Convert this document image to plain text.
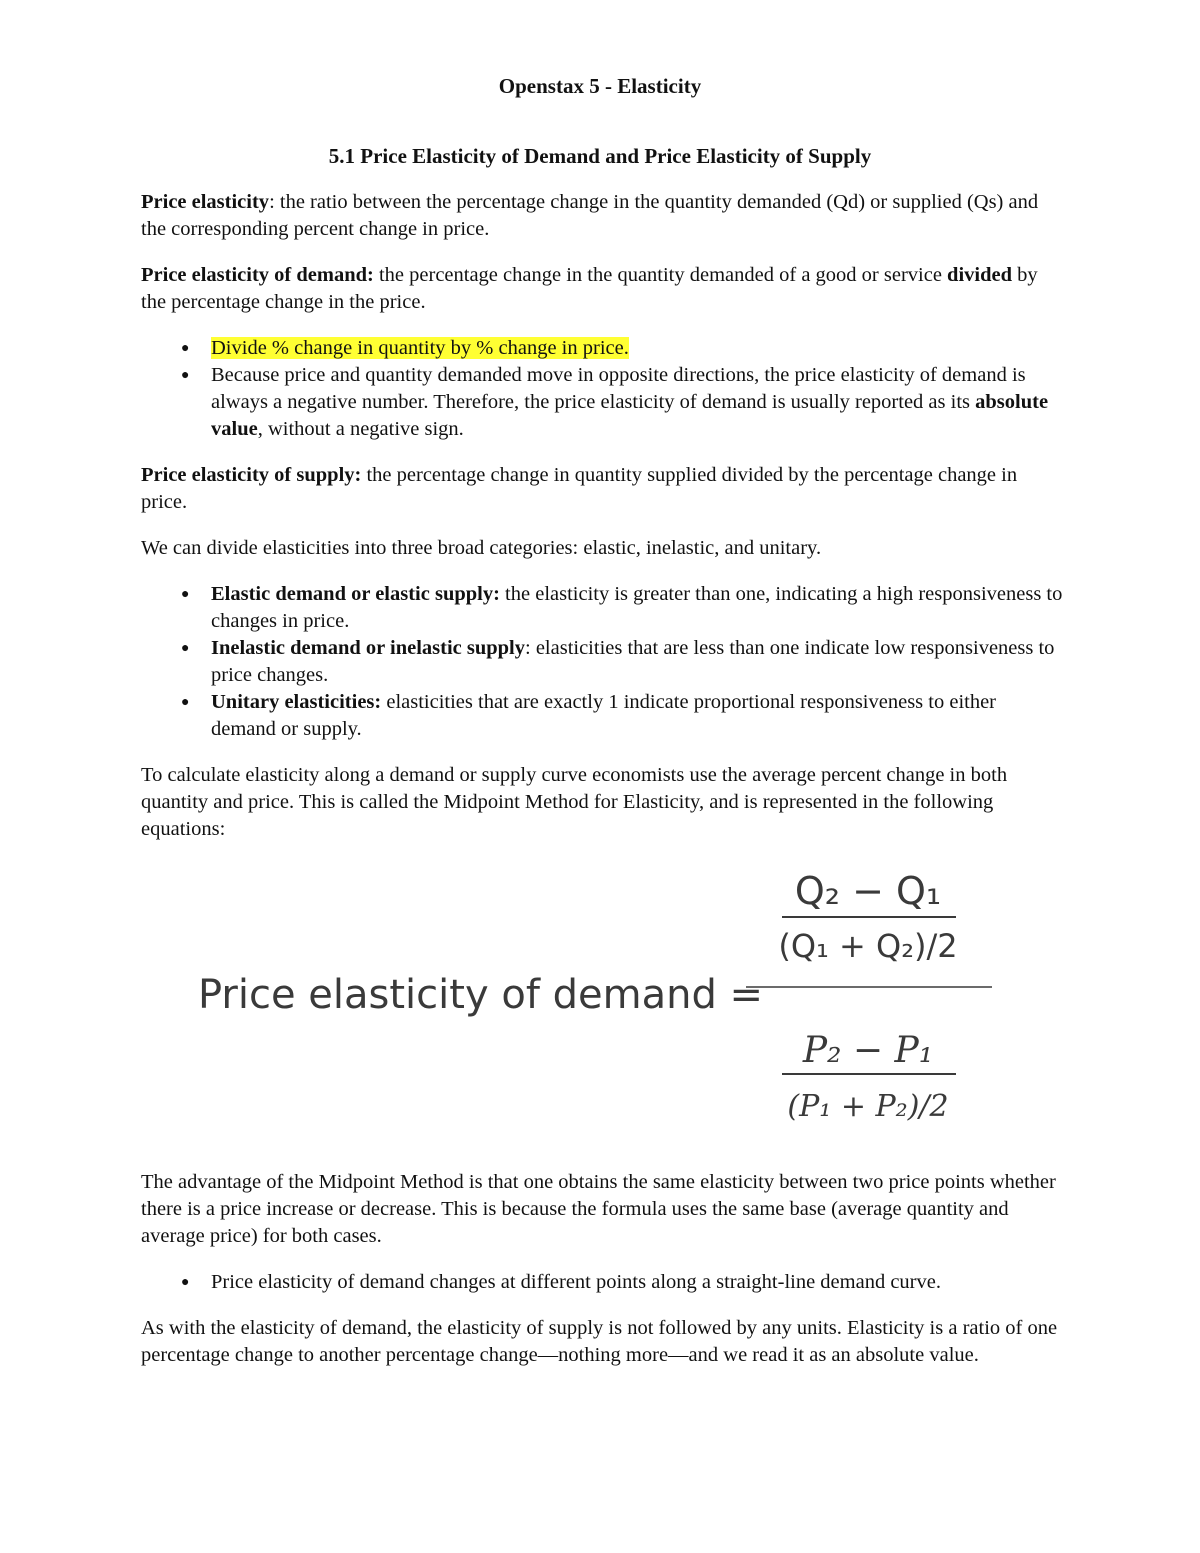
Openstax 5 - Elasticity
5.1 Price Elasticity of Demand and Price Elasticity of Supply

Price elasticity: the ratio between the percentage change in the quantity demanded (Qd) or supplied (Qs) and the corresponding percent change in price.

Price elasticity of demand: the percentage change in the quantity demanded of a good or service divided by the percentage change in the price.

●	Divide % change in quantity by % change in price.
●	Because price and quantity demanded move in opposite directions, the price elasticity of demand is always a negative number. Therefore, the price elasticity of demand is usually reported as its absolute value, without a negative sign.

Price elasticity of supply: the percentage change in quantity supplied divided by the percentage change in price.

We can divide elasticities into three broad categories: elastic, inelastic, and unitary.

●	Elastic demand or elastic supply: the elasticity is greater than one, indicating a high responsiveness to changes in price.
●	Inelastic demand or inelastic supply: elasticities that are less than one indicate low responsiveness to price changes.
●	Unitary elasticities: elasticities that are exactly 1 indicate proportional responsiveness to either demand or supply.

To calculate elasticity along a demand or supply curve economists use the average percent change in both quantity and price. This is called the Midpoint Method for Elasticity, and is represented in the following equations:

Price elasticity of demand =
Q₂ − Q₁
(Q₁ + Q₂)/2
P₂ − P₁
(P₁ + P₂)/2

The advantage of the Midpoint Method is that one obtains the same elasticity between two price points whether there is a price increase or decrease. This is because the formula uses the same base (average quantity and average price) for both cases.

●	Price elasticity of demand changes at different points along a straight-line demand curve.

As with the elasticity of demand, the elasticity of supply is not followed by any units. Elasticity is a ratio of one percentage change to another percentage change—nothing more—and we read it as an absolute value.
